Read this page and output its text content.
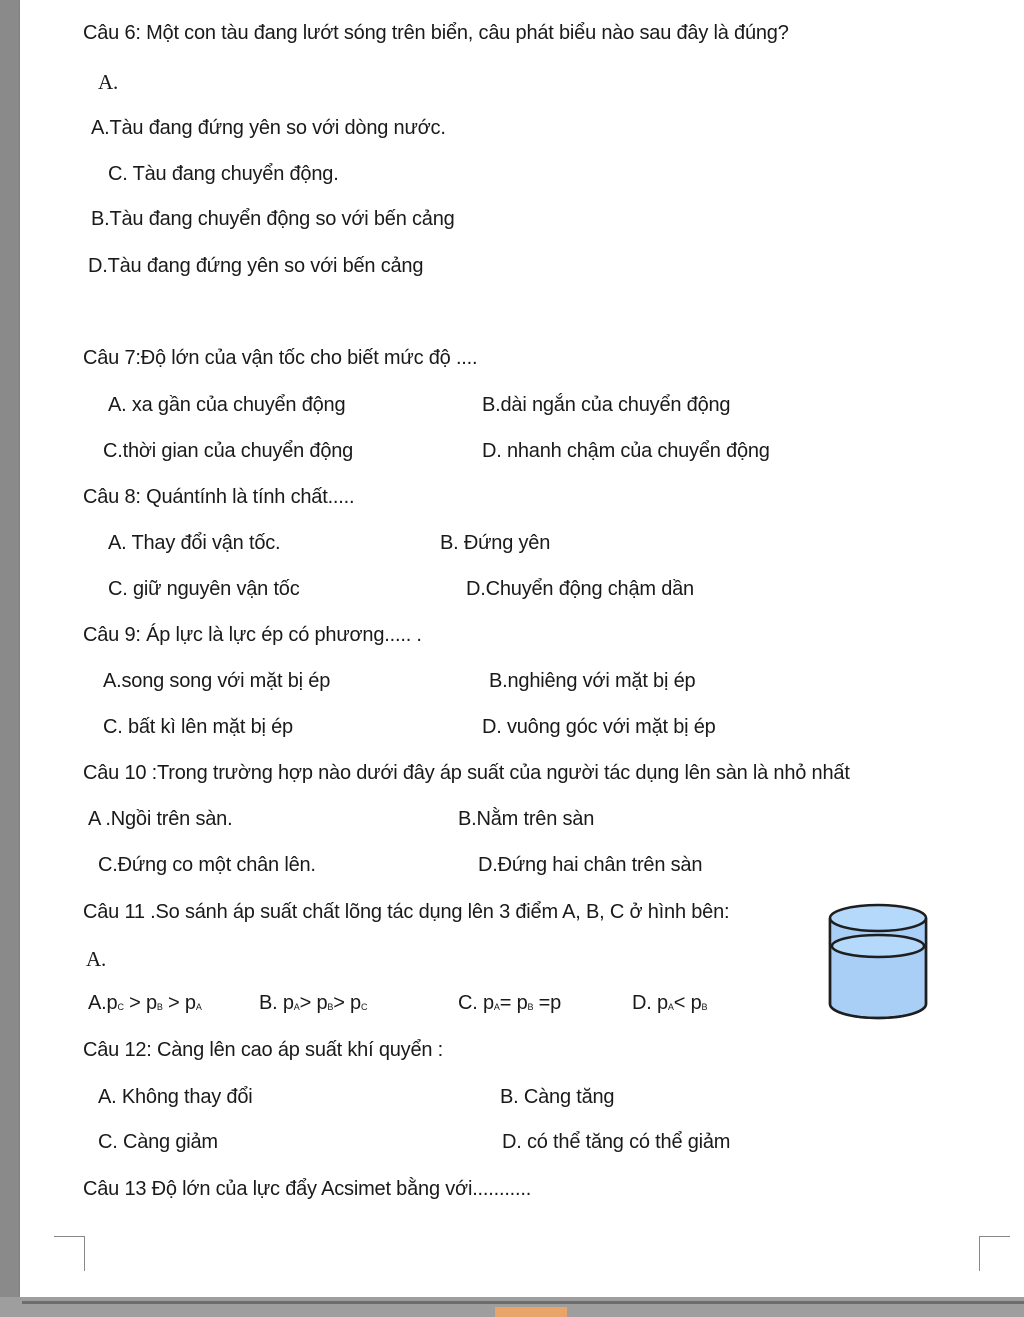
Câu 6: Một con tàu đang lướt sóng trên biển, câu phát biểu nào sau đây là đúng?
A.
A.Tàu đang đứng yên so với dòng nước.
C. Tàu đang chuyển động.
B.Tàu đang chuyển động so với bến cảng
D.Tàu đang đứng yên so với bến cảng
Câu 7:Độ lớn của vận tốc cho biết mức độ ....
A. xa gần của chuyển động	B.dài ngắn của chuyển động
C.thời gian của chuyển động	D. nhanh chậm của chuyển động
Câu 8: Quántính là tính chất.....
A. Thay đổi vận tốc.	B. Đứng yên
C. giữ nguyên vận tốc	D.Chuyển động chậm dần
Câu 9: Áp lực là lực ép có phương..... .
A.song song với mặt bị ép	B.nghiêng với mặt bị ép
C. bất kì lên mặt bị ép	D. vuông góc với mặt bị ép
Câu 10 :Trong trường hợp nào dưới đây áp suất của người tác dụng lên sàn là nhỏ nhất
A .Ngồi trên sàn.	B.Nằm trên sàn
C.Đứng co một chân lên.	D.Đứng hai chân trên sàn
Câu 11 .So sánh áp suất chất lõng tác dụng lên 3 điểm A, B, C ở hình bên:
A.
$A.p_C > p_B > p_A$	B. $p_A> p_B> p_C$	C. $p_A= p_B =p$	D. $p_A< p_B$
Câu 12: Càng lên cao áp suất khí quyển :
A. Không thay đổi	B. Càng tăng
C. Càng giảm	D. có thể tăng có thể giảm
Câu 13 Độ lớn của lực đẩy Acsimet bằng với...........
